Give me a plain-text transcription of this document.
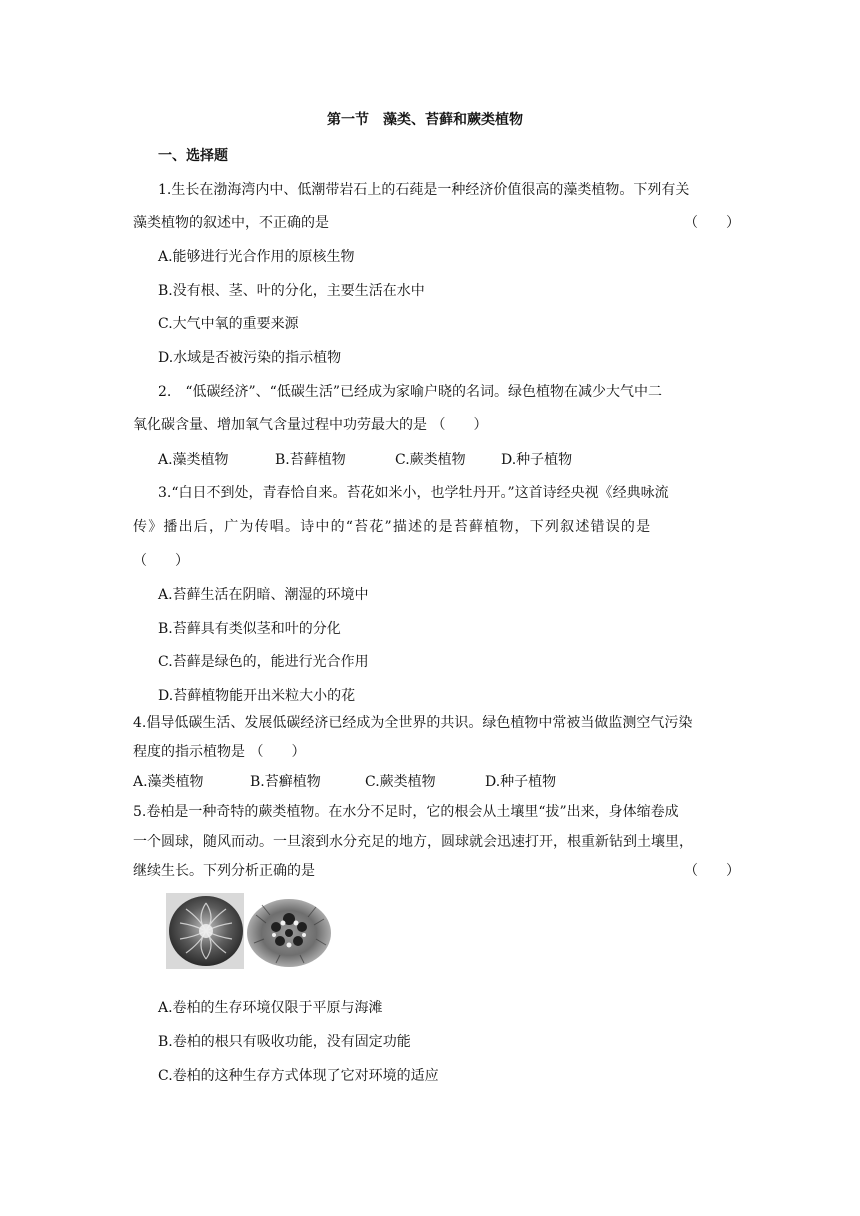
第一节　藻类、苔藓和蕨类植物
一、选择题
1.生长在渤海湾内中、低潮带岩石上的石莼是一种经济价值很高的藻类植物。下列有关
藻类植物的叙述中，不正确的是	（　　）
A.能够进行光合作用的原核生物
B.没有根、茎、叶的分化，主要生活在水中
C.大气中氧的重要来源
D.水域是否被污染的指示植物
2.　“低碳经济”、“低碳生活”已经成为家喻户晓的名词。绿色植物在减少大气中二
氧化碳含量、增加氧气含量过程中功劳最大的是 （　　）
A.藻类植物	B.苔藓植物	C.蕨类植物	D.种子植物
3.“白日不到处，青春恰自来。苔花如米小，也学牡丹开。”这首诗经央视《经典咏流
传》播出后，广为传唱。诗中的“苔花”描述的是苔藓植物，下列叙述错误的是
（　　）
A.苔藓生活在阴暗、潮湿的环境中
B.苔藓具有类似茎和叶的分化
C.苔藓是绿色的，能进行光合作用
D.苔藓植物能开出米粒大小的花
4.倡导低碳生活、发展低碳经济已经成为全世界的共识。绿色植物中常被当做监测空气污染
程度的指示植物是 （　　）
A.藻类植物	B.苔癣植物	C.蕨类植物	D.种子植物
5.卷柏是一种奇特的蕨类植物。在水分不足时，它的根会从土壤里“拔”出来，身体缩卷成
一个圆球，随风而动。一旦滚到水分充足的地方，圆球就会迅速打开，根重新钻到土壤里，
继续生长。下列分析正确的是	（　　）
A.卷柏的生存环境仅限于平原与海滩
B.卷柏的根只有吸收功能，没有固定功能
C.卷柏的这种生存方式体现了它对环境的适应
